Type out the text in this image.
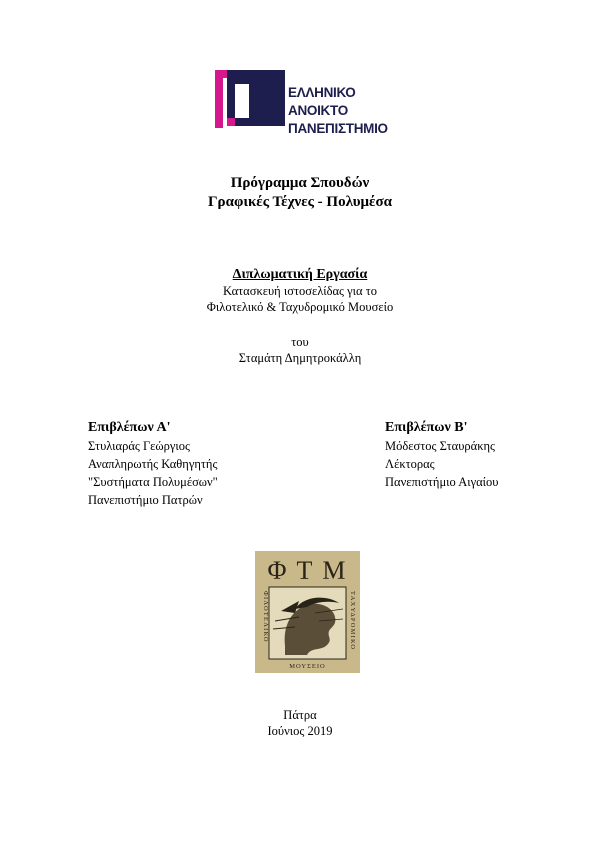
ΕΛΛΗΝΙΚΟ
ΑΝΟΙΚΤΟ
ΠΑΝΕΠΙΣΤΗΜΙΟ
Πρόγραμμα Σπουδών
Γραφικές Τέχνες - Πολυμέσα
Διπλωματική Εργασία
Κατασκευή ιστοσελίδας για το
Φιλοτελικό & Ταχυδρομικό Μουσείο
του
Σταμάτη Δημητροκάλλη
Επιβλέπων Α'
Στυλιαράς Γεώργιος
Αναπληρωτής Καθηγητής
"Συστήματα Πολυμέσων"
Πανεπιστήμιο Πατρών
Επιβλέπων Β'
Μόδεστος Σταυράκης
Λέκτορας
Πανεπιστήμιο Αιγαίου
Φ Τ Μ
ΦΙΛΟΤΕΛΙΚΟ	ΤΑΧΥΔΡΟΜΙΚΟ
ΜΟΥΣΕΙΟ
Πάτρα
Ιούνιος 2019
